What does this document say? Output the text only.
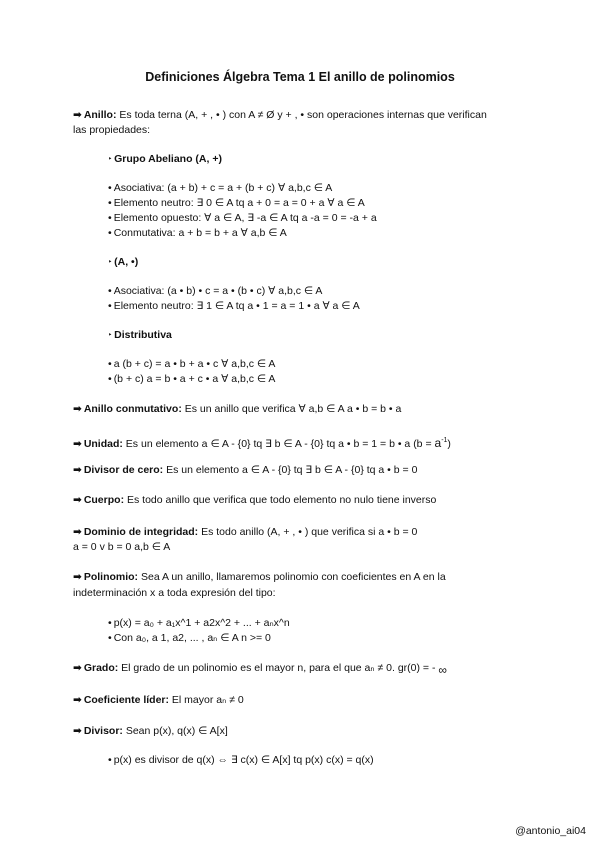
Definiciones Álgebra Tema 1 El anillo de polinomios
➡ Anillo: Es toda terna (A, + , • ) con A ≠ Ø y + , • son operaciones internas que verifican
las propiedades:
‣ Grupo Abeliano (A, +)
• Asociativa: (a + b) + c = a + (b + c) ∀ a,b,c ∈ A
• Elemento neutro: ∃ 0 ∈ A tq a + 0 = a = 0 + a ∀ a ∈ A
• Elemento opuesto: ∀ a ∈ A, ∃ -a ∈ A tq a -a = 0 = -a + a
• Conmutativa: a + b = b + a ∀ a,b ∈ A
‣ (A, •)
• Asociativa: (a • b) • c = a • (b • c) ∀ a,b,c ∈ A
• Elemento neutro: ∃ 1 ∈ A tq a • 1 = a = 1 • a ∀ a ∈ A
‣ Distributiva
• a (b + c) = a • b + a • c ∀ a,b,c ∈ A
• (b + c) a = b • a + c • a ∀ a,b,c ∈ A
➡ Anillo conmutativo: Es un anillo que verifica ∀ a,b ∈ A a • b = b • a
➡ Unidad: Es un elemento a ∈ A - {0} tq ∃ b ∈ A - {0} tq a • b = 1 = b • a $(b = a^{-1})$
➡ Divisor de cero: Es un elemento a ∈ A - {0} tq ∃ b ∈ A - {0} tq a • b = 0
➡ Cuerpo: Es todo anillo que verifica que todo elemento no nulo tiene inverso
➡ Dominio de integridad: Es todo anillo (A, + , • ) que verifica si a • b = 0
a = 0 v b = 0 a,b ∈ A
➡ Polinomio: Sea A un anillo, llamaremos polinomio con coeficientes en A en la
indeterminación x a toda expresión del tipo:
• p(x) = a₀ + a₁x^1 + a2x^2 + ... + aₙx^n
• Con a₀, a 1, a2, ... , aₙ ∈ A n >= 0
➡ Grado: El grado de un polinomio es el mayor n, para el que aₙ ≠ 0. gr(0) = - ∞
➡ Coeficiente líder: El mayor aₙ ≠ 0
➡ Divisor: Sean p(x), q(x) ∈ A[x]
• p(x) es divisor de q(x) ⇔ ∃ c(x) ∈ A[x] tq p(x) c(x) = q(x)
@antonio_ai04
